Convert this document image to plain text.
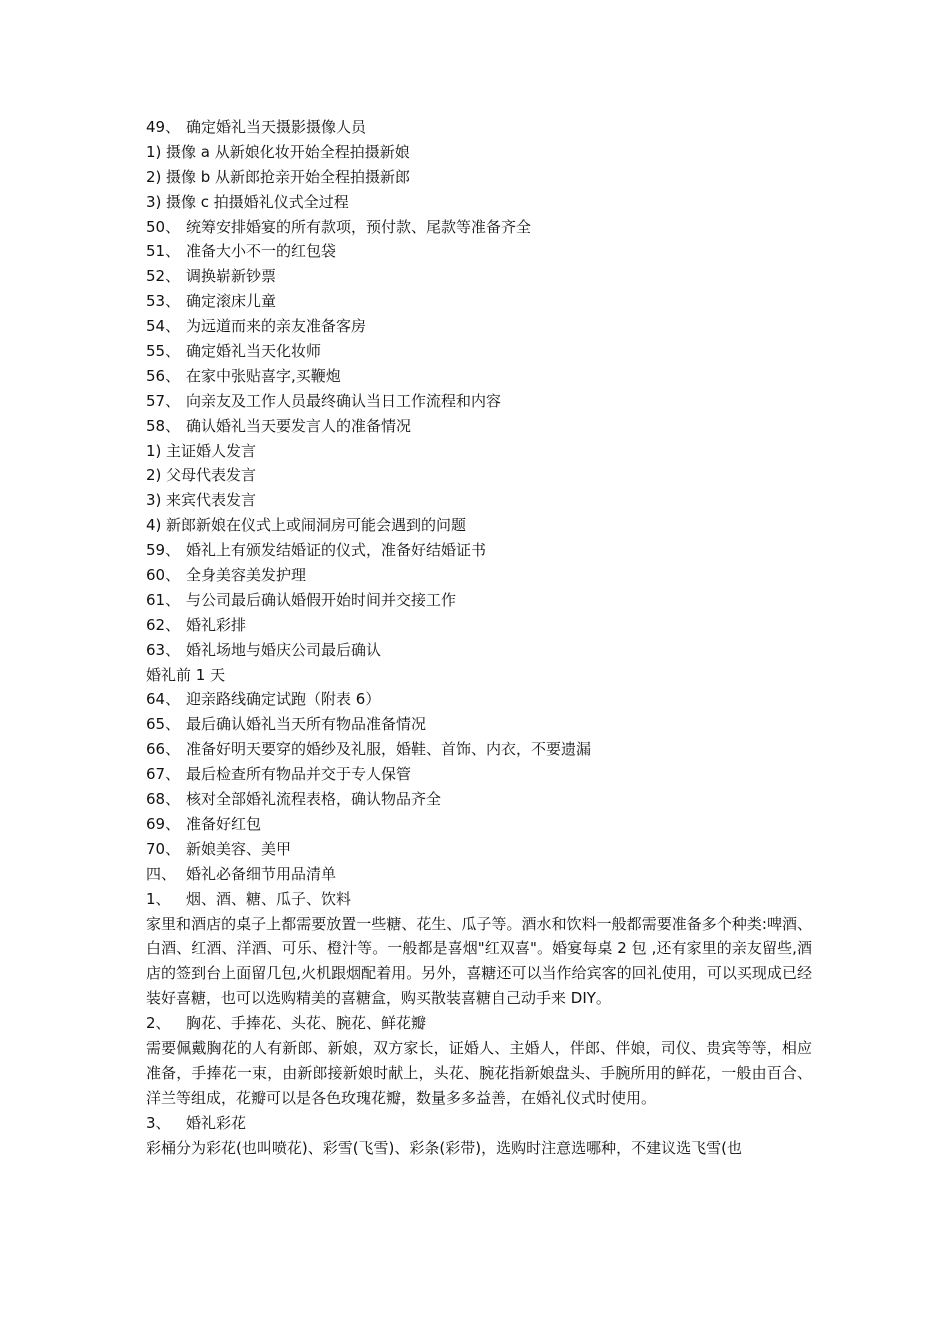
49、 确定婚礼当天摄影摄像人员
1) 摄像 a 从新娘化妆开始全程拍摄新娘
2) 摄像 b 从新郎抢亲开始全程拍摄新郎
3) 摄像 c 拍摄婚礼仪式全过程
50、 统筹安排婚宴的所有款项，预付款、尾款等准备齐全
51、 准备大小不一的红包袋
52、 调换崭新钞票
53、 确定滚床儿童
54、 为远道而来的亲友准备客房
55、 确定婚礼当天化妆师
56、 在家中张贴喜字,买鞭炮
57、 向亲友及工作人员最终确认当日工作流程和内容
58、 确认婚礼当天要发言人的准备情况
1) 主证婚人发言
2) 父母代表发言
3) 来宾代表发言
4) 新郎新娘在仪式上或闹洞房可能会遇到的问题
59、 婚礼上有颁发结婚证的仪式，准备好结婚证书
60、 全身美容美发护理
61、 与公司最后确认婚假开始时间并交接工作
62、 婚礼彩排
63、 婚礼场地与婚庆公司最后确认
婚礼前 1 天
64、 迎亲路线确定试跑（附表 6）
65、 最后确认婚礼当天所有物品准备情况
66、 准备好明天要穿的婚纱及礼服，婚鞋、首饰、内衣，不要遗漏
67、 最后检查所有物品并交于专人保管
68、 核对全部婚礼流程表格，确认物品齐全
69、 准备好红包
70、 新娘美容、美甲
四、 婚礼必备细节用品清单
1、 烟、酒、糖、瓜子、饮料
家里和酒店的桌子上都需要放置一些糖、花生、瓜子等。酒水和饮料一般都需要准备多个种类:啤酒、白酒、红酒、洋酒、可乐、橙汁等。一般都是喜烟"红双喜"。婚宴每桌 2 包 ,还有家里的亲友留些,酒店的签到台上面留几包,火机跟烟配着用。另外，喜糖还可以当作给宾客的回礼使用，可以买现成已经装好喜糖，也可以选购精美的喜糖盒，购买散装喜糖自己动手来 DIY。
2、 胸花、手捧花、头花、腕花、鲜花瓣
需要佩戴胸花的人有新郎、新娘，双方家长，证婚人、主婚人，伴郎、伴娘，司仪、贵宾等等，相应准备，手捧花一束，由新郎接新娘时献上，头花、腕花指新娘盘头、手腕所用的鲜花，一般由百合、洋兰等组成，花瓣可以是各色玫瑰花瓣，数量多多益善，在婚礼仪式时使用。
3、 婚礼彩花
彩桶分为彩花(也叫喷花)、彩雪(飞雪)、彩条(彩带)，选购时注意选哪种，不建议选飞雪(也
